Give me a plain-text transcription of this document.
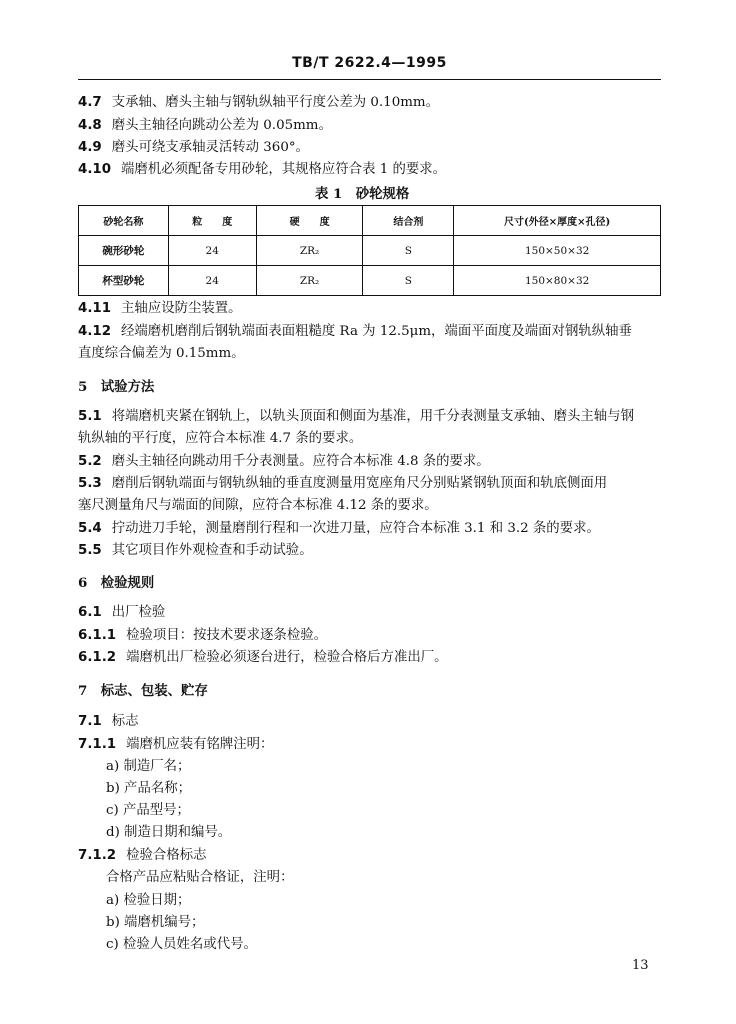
TB/T 2622.4—1995
4.7 支承轴、磨头主轴与钢轨纵轴平行度公差为 0.10mm。
4.8 磨头主轴径向跳动公差为 0.05mm。
4.9 磨头可绕支承轴灵活转动 360°。
4.10 端磨机必须配备专用砂轮，其规格应符合表 1 的要求。
表 1　砂轮规格
砂轮名称	粒　　度	硬　　度	结合剂	尺寸(外径×厚度×孔径)
碗形砂轮	24	ZR₂	S	150×50×32
杯型砂轮	24	ZR₂	S	150×80×32
4.11 主轴应设防尘装置。
4.12 经端磨机磨削后钢轨端面表面粗糙度 Ra 为 12.5μm，端面平面度及端面对钢轨纵轴垂
直度综合偏差为 0.15mm。
5　试验方法
5.1 将端磨机夹紧在钢轨上，以轨头顶面和侧面为基准，用千分表测量支承轴、磨头主轴与钢
轨纵轴的平行度，应符合本标准 4.7 条的要求。
5.2 磨头主轴径向跳动用千分表测量。应符合本标准 4.8 条的要求。
5.3 磨削后钢轨端面与钢轨纵轴的垂直度测量用宽座角尺分别贴紧钢轨顶面和轨底侧面用
塞尺测量角尺与端面的间隙，应符合本标准 4.12 条的要求。
5.4 拧动进刀手轮，测量磨削行程和一次进刀量，应符合本标准 3.1 和 3.2 条的要求。
5.5 其它项目作外观检查和手动试验。
6　检验规则
6.1 出厂检验
6.1.1 检验项目：按技术要求逐条检验。
6.1.2 端磨机出厂检验必须逐台进行，检验合格后方准出厂。
7　标志、包装、贮存
7.1 标志
7.1.1 端磨机应装有铭牌注明：
a) 制造厂名；
b) 产品名称；
c) 产品型号；
d) 制造日期和编号。
7.1.2 检验合格标志
合格产品应粘贴合格证，注明：
a) 检验日期；
b) 端磨机编号；
c) 检验人员姓名或代号。
13
